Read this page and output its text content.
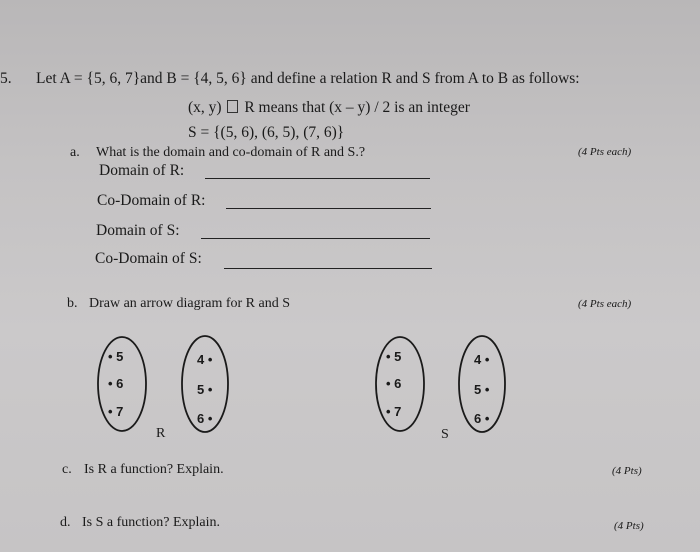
5. Let A = {5, 6, 7}and B = {4, 5, 6} and define a relation R and S from A to B as follows:
(x, y) R means that (x – y) / 2 is an integer
S = {(5, 6), (6, 5), (7, 6)}
a. What is the domain and co-domain of R and S.?	(4 Pts each)
Domain of R:
Co-Domain of R:
Domain of S:
Co-Domain of S:
b. Draw an arrow diagram for R and S	(4 Pts each)
• 5
• 6
• 7
4 •
5 •
6 •
R
• 5
• 6
• 7
4 •
5 •
6 •
S
c. Is R a function? Explain.	(4 Pts)
d. Is S a function? Explain.	(4 Pts)
